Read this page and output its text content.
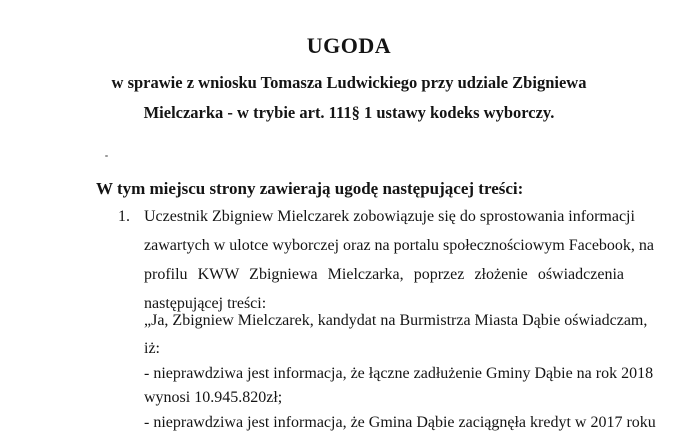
UGODA
w sprawie z wniosku Tomasza Ludwickiego przy udziale Zbigniewa
Mielczarka - w trybie art. 111§ 1 ustawy kodeks wyborczy.
W tym miejscu strony zawierają ugodę następującej treści:
1. Uczestnik Zbigniew Mielczarek zobowiązuje się do sprostowania informacji
zawartych w ulotce wyborczej oraz na portalu społecznościowym Facebook, na
profilu KWW Zbigniewa Mielczarka, poprzez złożenie oświadczenia
następującej treści:
„Ja, Zbigniew Mielczarek, kandydat na Burmistrza Miasta Dąbie oświadczam,
iż:
- nieprawdziwa jest informacja, że łączne zadłużenie Gminy Dąbie na rok 2018
wynosi 10.945.820zł;
- nieprawdziwa jest informacja, że Gmina Dąbie zaciągnęła kredyt w 2017 roku
